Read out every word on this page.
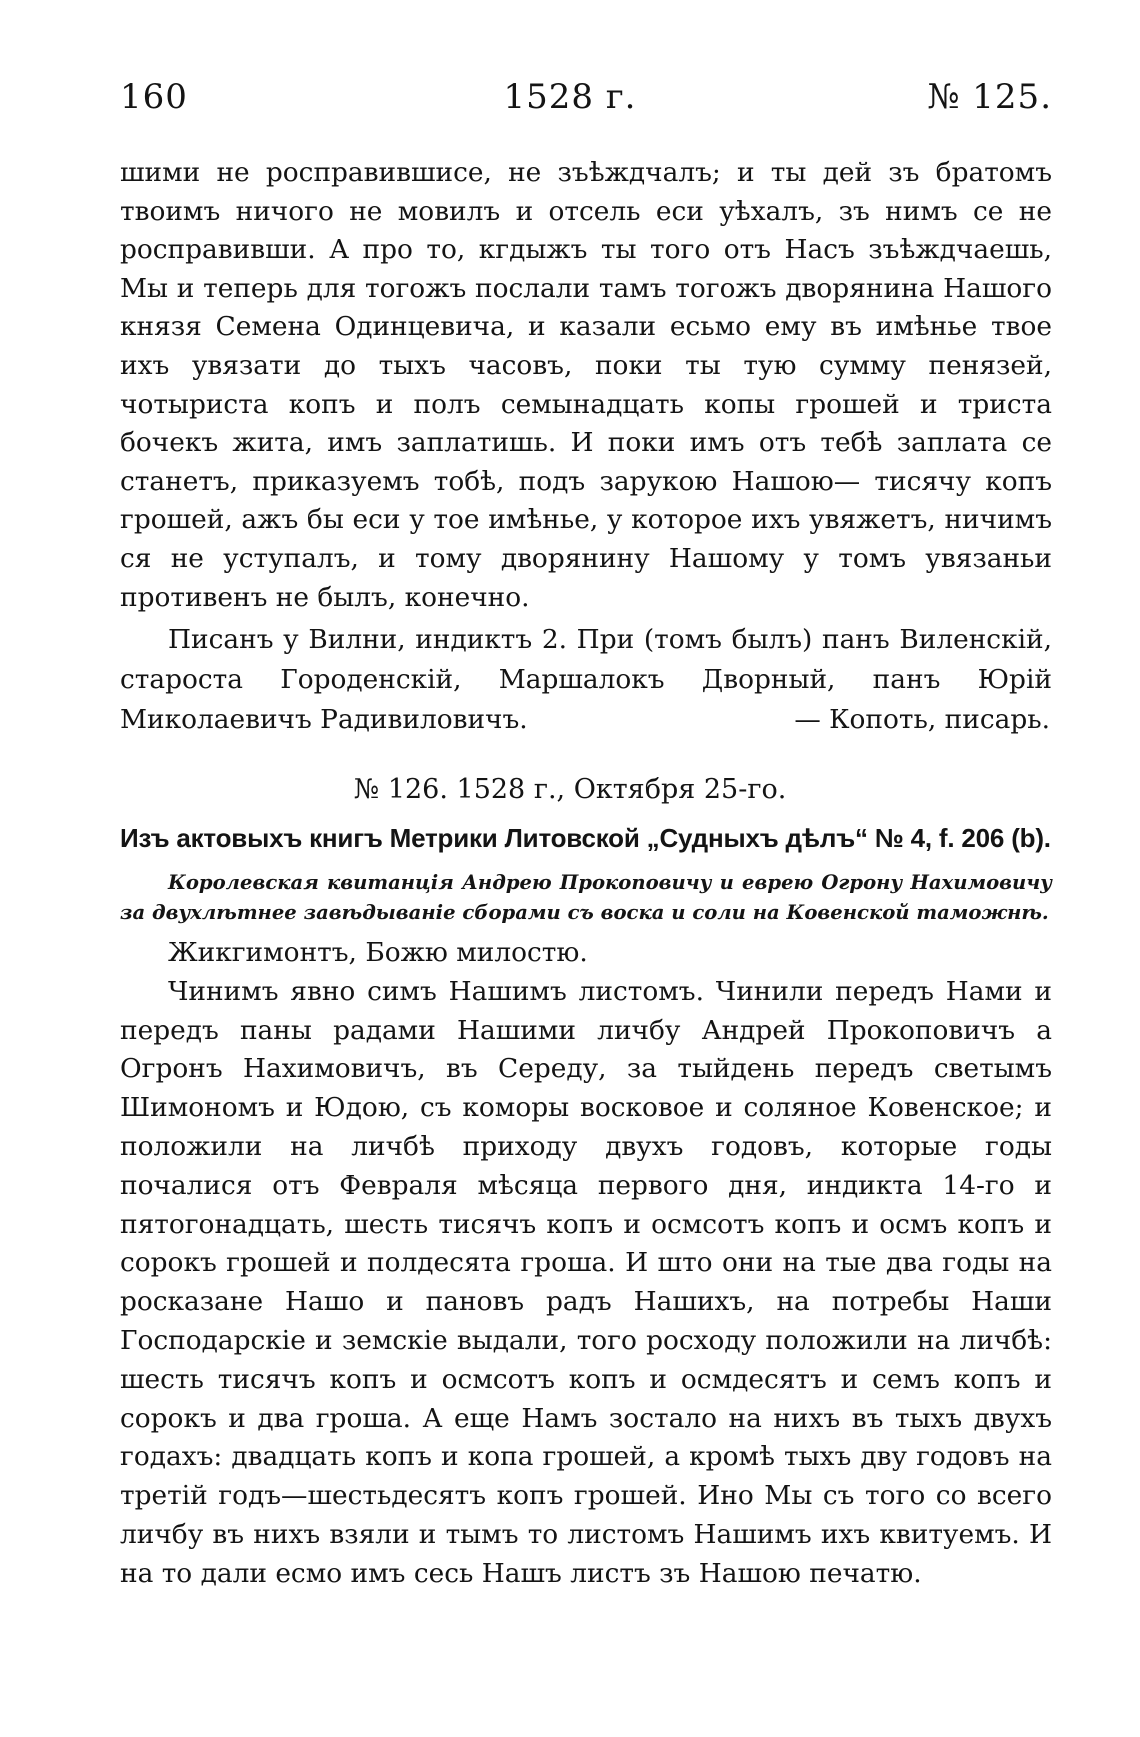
160	1528 г.	№ 125.

шими не росправившисе, не зъѣждчалъ; и ты дей зъ братомъ твоимъ ничого не мовилъ и отсель еси уѣхалъ, зъ нимъ се не росправивши. А про то, кгдыжъ ты того отъ Насъ зъѣждчаешь, Мы и теперь для тогожъ послали тамъ тогожъ дворянина Нашого князя Семена Одинцевича, и казали есьмо ему въ имѣнье твое ихъ увязати до тыхъ часовъ, поки ты тую сумму пенязей, чотыриста копъ и полъ семынадцать копы грошей и триста бочекъ жита, имъ заплатишь. И поки имъ отъ тебѣ заплата се станетъ, приказуемъ тобѣ, подъ зарукою Нашою— тисячу копъ грошей, ажъ бы еси у тое имѣнье, у которое ихъ увяжетъ, ничимъ ся не уступалъ, и тому дворянину Нашому у томъ увязаньи противенъ не былъ, конечно.

Писанъ у Вилни, индиктъ 2. При (томъ былъ) панъ Виленскій, староста Городенскій, Маршалокъ Дворный, панъ Юрій Миколаевичъ Радивиловичъ.	— Копоть, писарь.
№ 126. 1528 г., Октября 25-го.
Изъ актовыхъ книгъ Метрики Литовской „Судныхъ дѣлъ“ № 4, f. 206 (b).
Королевская квитанція Андрею Прокоповичу и еврею Огрону Нахимовичу за двухлѣтнее завѣдываніе сборами съ воска и соли на Ковенской таможнѣ.

Жикгимонтъ, Божю милостю.

Чинимъ явно симъ Нашимъ листомъ. Чинили передъ Нами и передъ паны радами Нашими личбу Андрей Прокоповичъ а Огронъ Нахимовичъ, въ Середу, за тыйдень передъ светымъ Шимономъ и Юдою, съ коморы восковое и соляное Ковенское; и положили на личбѣ приходу двухъ годовъ, которые годы почалися отъ Февраля мѣсяца первого дня, индикта 14-го и пятогонадцать, шесть тисячъ копъ и осмсотъ копъ и осмъ копъ и сорокъ грошей и полдесята гроша. И што они на тые два годы на росказане Нашо и пановъ радъ Нашихъ, на потребы Наши Господарскіе и земскіе выдали, того росходу положили на личбѣ: шесть тисячъ копъ и осмсотъ копъ и осмдесятъ и семъ копъ и сорокъ и два гроша. А еще Намъ зостало на нихъ въ тыхъ двухъ годахъ: двадцать копъ и копа грошей, а кромѣ тыхъ дву годовъ на третій годъ—шестьдесятъ копъ грошей. Ино Мы съ того со всего личбу въ нихъ взяли и тымъ то листомъ Нашимъ ихъ квитуемъ. И на то дали есмо имъ сесь Нашъ листъ зъ Нашою печатю.
